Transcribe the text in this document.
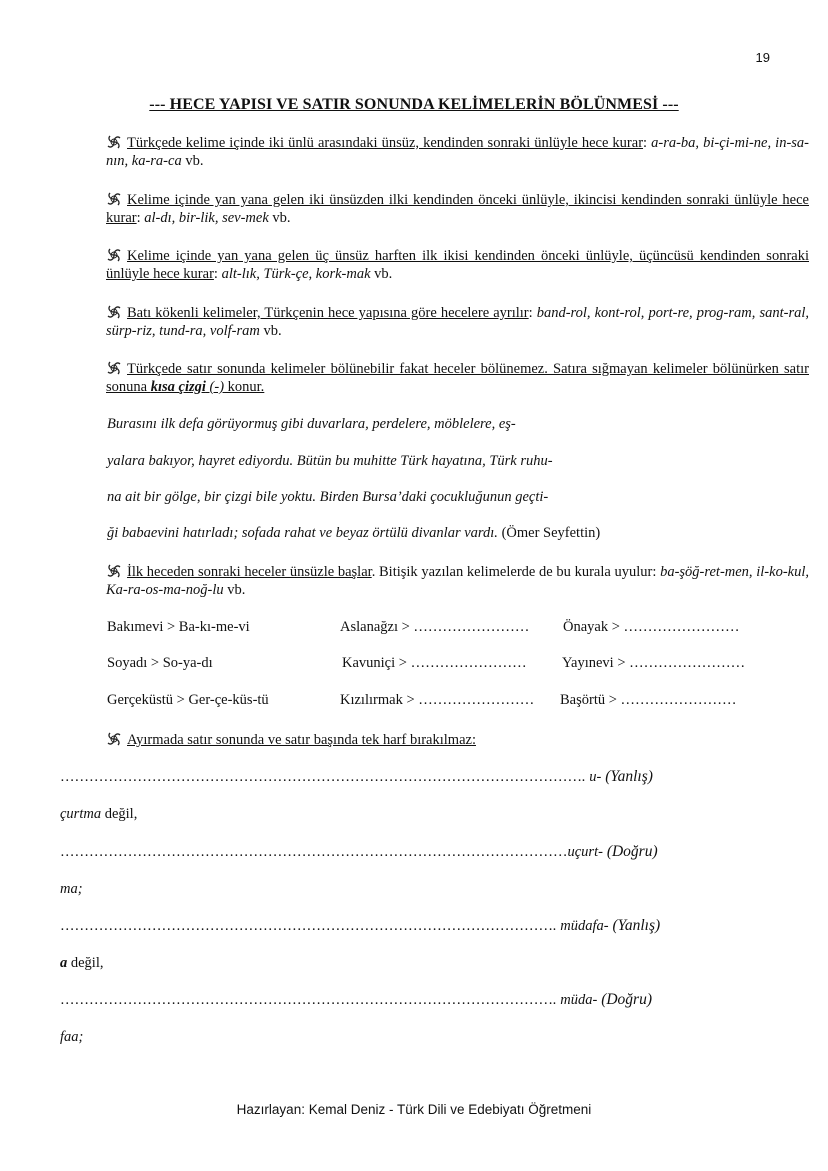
19
--- HECE YAPISI VE SATIR SONUNDA KELİMELERİN BÖLÜNMESİ ---
Türkçede kelime içinde iki ünlü arasındaki ünsüz, kendinden sonraki ünlüyle hece kurar: a-ra-ba, bi-çi-mi-ne, in-sa-nın, ka-ra-ca vb.
Kelime içinde yan yana gelen iki ünsüzden ilki kendinden önceki ünlüyle, ikincisi kendinden sonraki ünlüyle hece kurar: al-dı, bir-lik, sev-mek vb.
Kelime içinde yan yana gelen üç ünsüz harften ilk ikisi kendinden önceki ünlüyle, üçüncüsü kendinden sonraki ünlüyle hece kurar: alt-lık, Türk-çe, kork-mak vb.
Batı kökenli kelimeler, Türkçenin hece yapısına göre hecelere ayrılır: band-rol, kont-rol, port-re, prog-ram, sant-ral, sürp-riz, tund-ra, volf-ram vb.
Türkçede satır sonunda kelimeler bölünebilir fakat heceler bölünemez. Satıra sığmayan kelimeler bölünürken satır sonuna kısa çizgi (-) konur.
Burasını ilk defa görüyormuş gibi duvarlara, perdelere, möblelere, eş-
yalara bakıyor, hayret ediyordu. Bütün bu muhitte Türk hayatına, Türk ruhu-
na ait bir gölge, bir çizgi bile yoktu. Birden Bursa’daki çocukluğunun geçti-
ği babaevini hatırladı; sofada rahat ve beyaz örtülü divanlar vardı. (Ömer Seyfettin)
İlk heceden sonraki heceler ünsüzle başlar. Bitişik yazılan kelimelerde de bu kurala uyulur: ba-şöğ-ret-men, il-ko-kul, Ka-ra-os-ma-noğ-lu vb.
Bakımevi > Ba-kı-me-vi	Aslanağzı > …………………… Önayak > ……………………
Soyadı > So-ya-dı	Kavuniçi > …………………… Yayınevi > ……………………
Gerçeküstü > Ger-çe-küs-tü	Kızılırmak > …………………… Başörtü > ……………………
Ayırmada satır sonunda ve satır başında tek harf bırakılmaz:
………………………………………………………………………………………………. u- (Yanlış)
çurtma değil,
……………………………………………………………………………………………uçurt- (Doğru)
ma;
…………………………………………………………………………………………. müdafa- (Yanlış)
a değil,
…………………………………………………………………………………………. müda- (Doğru)
faa;
Hazırlayan: Kemal Deniz - Türk Dili ve Edebiyatı Öğretmeni
